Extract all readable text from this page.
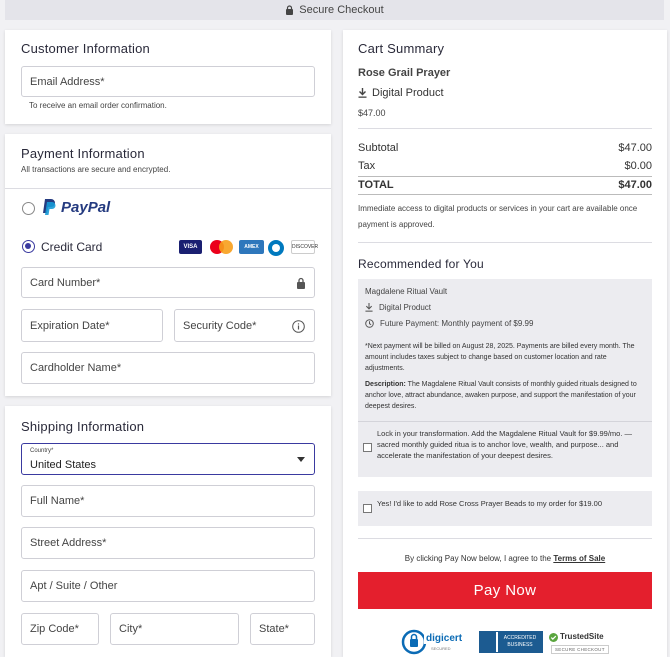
Secure Checkout
Customer Information
Email Address*
To receive an email order confirmation.
Payment Information
All transactions are secure and encrypted.
PayPal
Credit Card	VISA	AMEX	DISCOVER
Card Number*
Expiration Date*	Security Code*
Cardholder Name*
Shipping Information
Country*
United States
Full Name*
Street Address*
Apt / Suite / Other
Zip Code*	City*	State*
Cart Summary
Rose Grail Prayer
Digital Product
$47.00
Subtotal	$47.00
Tax	$0.00
TOTAL	$47.00
Immediate access to digital products or services in your cart are available once payment is approved.
Recommended for You
Magdalene Ritual Vault
Digital Product
Future Payment: Monthly payment of $9.99
*Next payment will be billed on August 28, 2025. Payments are billed every month. The amount includes taxes subject to change based on customer location and rate adjustments.
Description: The Magdalene Ritual Vault consists of monthly guided rituals designed to anchor love, attract abundance, awaken purpose, and support the manifestation of your deepest desires.
Lock in your transformation. Add the Magdalene Ritual Vault for $9.99/mo. — sacred monthly guided ritua is to anchor love, wealth, and purpose... and accelerate the manifestation of your deepest desires.
Yes! I'd like to add Rose Cross Prayer Beads to my order for $19.00
By clicking Pay Now below, I agree to the Terms of Sale
Pay Now
digicert
SECURED
ACCREDITED
BUSINESS
TrustedSite
SECURE CHECKOUT
